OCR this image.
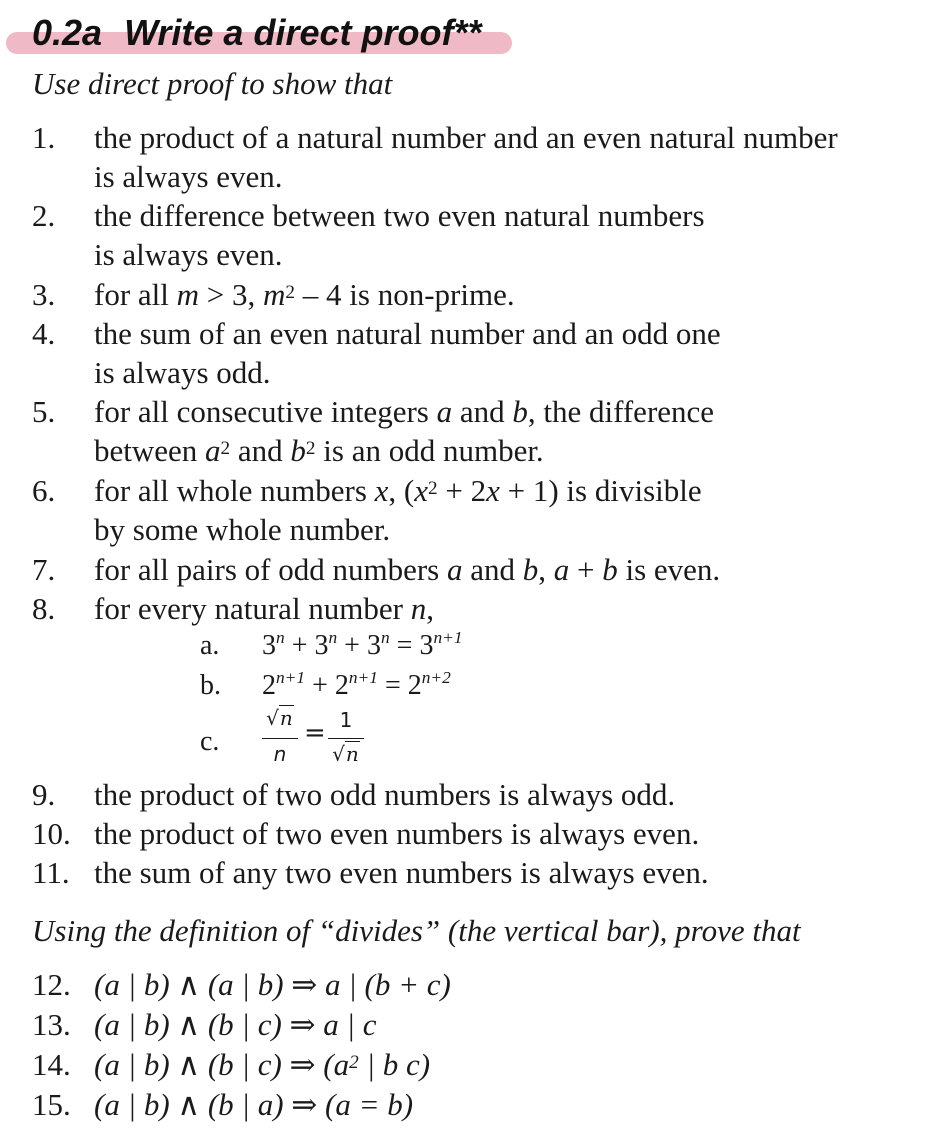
0.2a Write a direct proof**
Use direct proof to show that
1. the product of a natural number and an even natural number
is always even.
2. the difference between two even natural numbers
is always even.
3. for all m > 3, $m^2 - 4$ is non-prime.
4. the sum of an even natural number and an odd one
is always odd.
5. for all consecutive integers a and b, the difference
between $a^2$ and $b^2$ is an odd number.
6. for all whole numbers x, $(x^2 + 2x + 1)$ is divisible
by some whole number.
7. for all pairs of odd numbers a and b, a + b is even.
8. for every natural number n,
a. $3^n + 3^n + 3^n = 3^{n+1}$
b. $2^{n+1} + 2^{n+1} = 2^{n+2}$
c.
√n
n
= 1
√n
9. the product of two odd numbers is always odd.
10. the product of two even numbers is always even.
11. the sum of any two even numbers is always even.
Using the definition of “divides” (the vertical bar), prove that
12. (a | b) ∧ (a | b) ⇒ a | (b + c)
13. (a | b) ∧ (b | c) ⇒ a | c
14. (a | b) ∧ (b | c) ⇒ ($a^2$ | b c)
15. (a | b) ∧ (b | a) ⇒ (a = b)
